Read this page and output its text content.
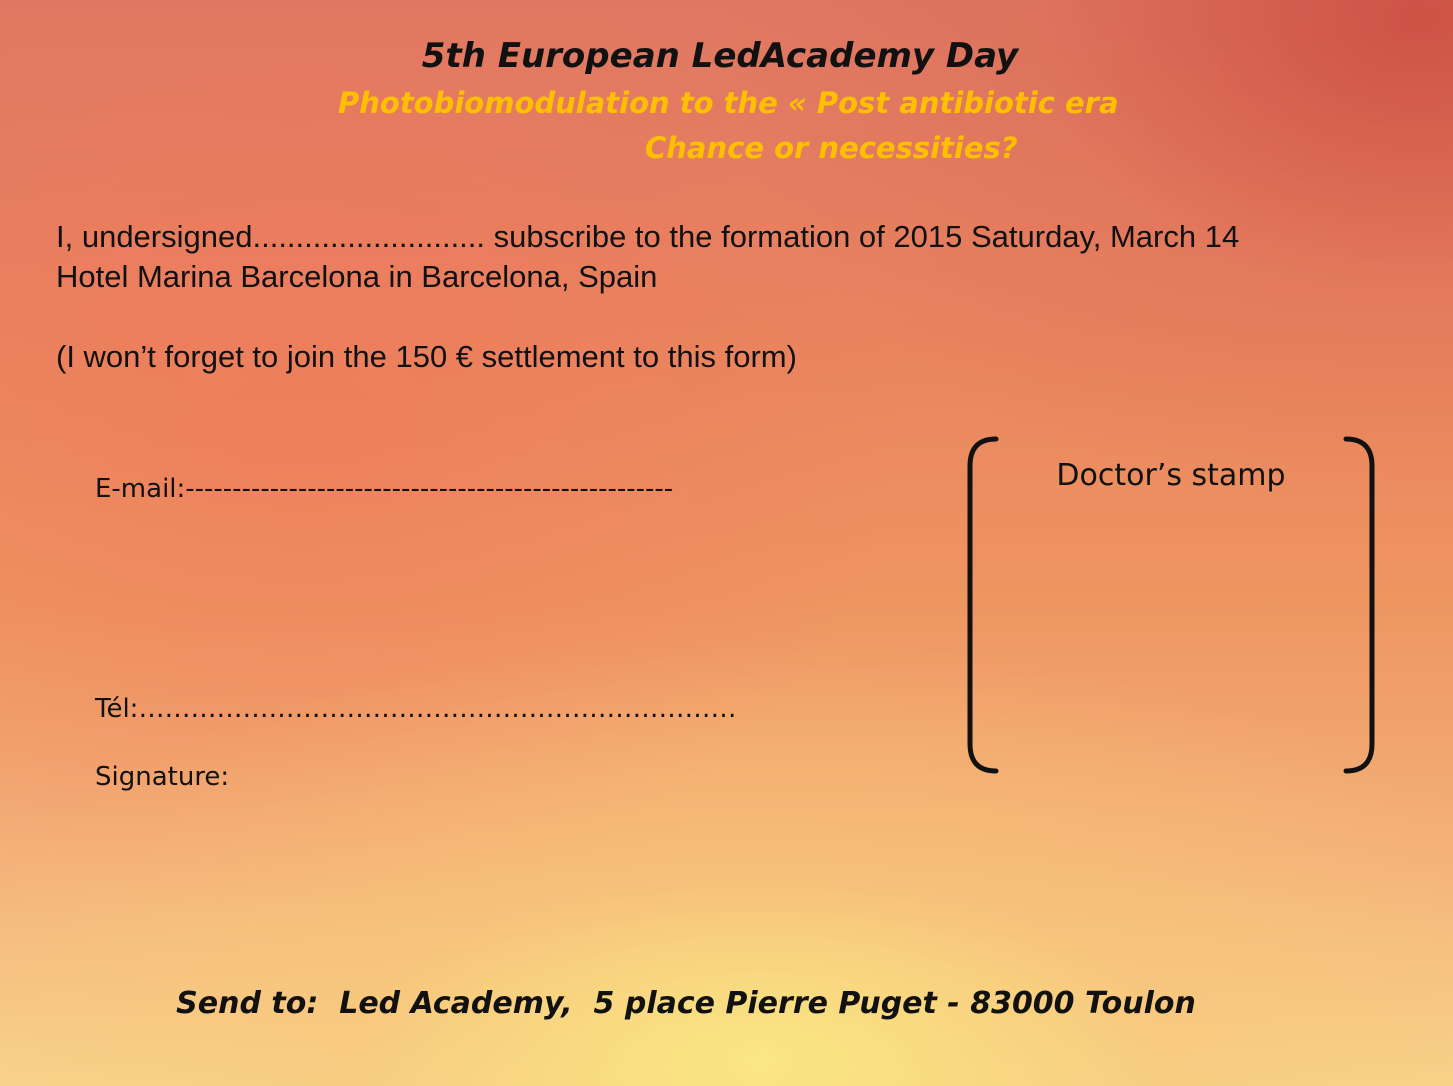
5th European LedAcademy Day
Photobiomodulation to the « Post antibiotic era
Chance or necessities?
I, undersigned........................... subscribe to the formation of 2015 Saturday, March 14
Hotel Marina Barcelona in Barcelona, Spain
(I won’t forget to join the 150 € settlement to this form)
E-mail:----------------------------------------------------
Tél:……………………………………………………………
Signature:
Doctor’s stamp
Send to:  Led Academy,  5 place Pierre Puget - 83000 Toulon
